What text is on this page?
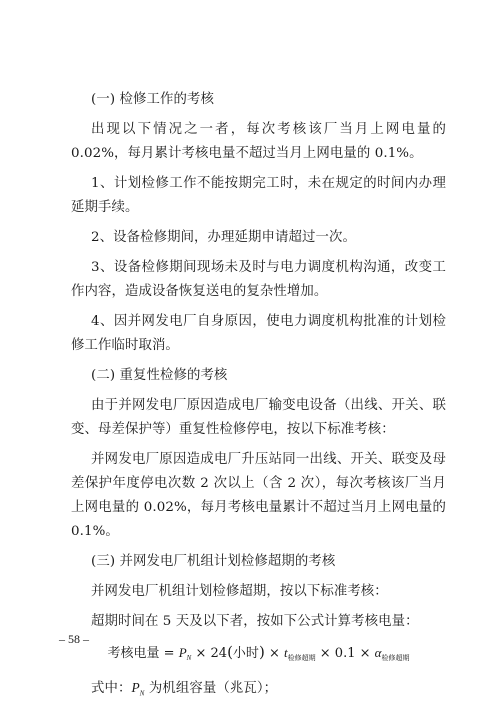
(一) 检修工作的考核

出现以下情况之一者，每次考核该厂当月上网电量的 0.02%，每月累计考核电量不超过当月上网电量的 0.1%。

1、计划检修工作不能按期完工时，未在规定的时间内办理延期手续。

2、设备检修期间，办理延期申请超过一次。

3、设备检修期间现场未及时与电力调度机构沟通，改变工作内容，造成设备恢复送电的复杂性增加。

4、因并网发电厂自身原因，使电力调度机构批准的计划检修工作临时取消。

(二) 重复性检修的考核

由于并网发电厂原因造成电厂输变电设备（出线、开关、联变、母差保护等）重复性检修停电，按以下标准考核：

并网发电厂原因造成电厂升压站同一出线、开关、联变及母差保护年度停电次数 2 次以上（含 2 次），每次考核该厂当月上网电量的 0.02%，每月考核电量累计不超过当月上网电量的 0.1%。

(三) 并网发电厂机组计划检修超期的考核

并网发电厂机组计划检修超期，按以下标准考核：

超期时间在 5 天及以下者，按如下公式计算考核电量：

考核电量 = $P_N \times 24$(小时) × $t_{检修超期} \times 0.1 \times \alpha_{检修超期}$

式中：$P_N$ 为机组容量（兆瓦）；

– 58 –
